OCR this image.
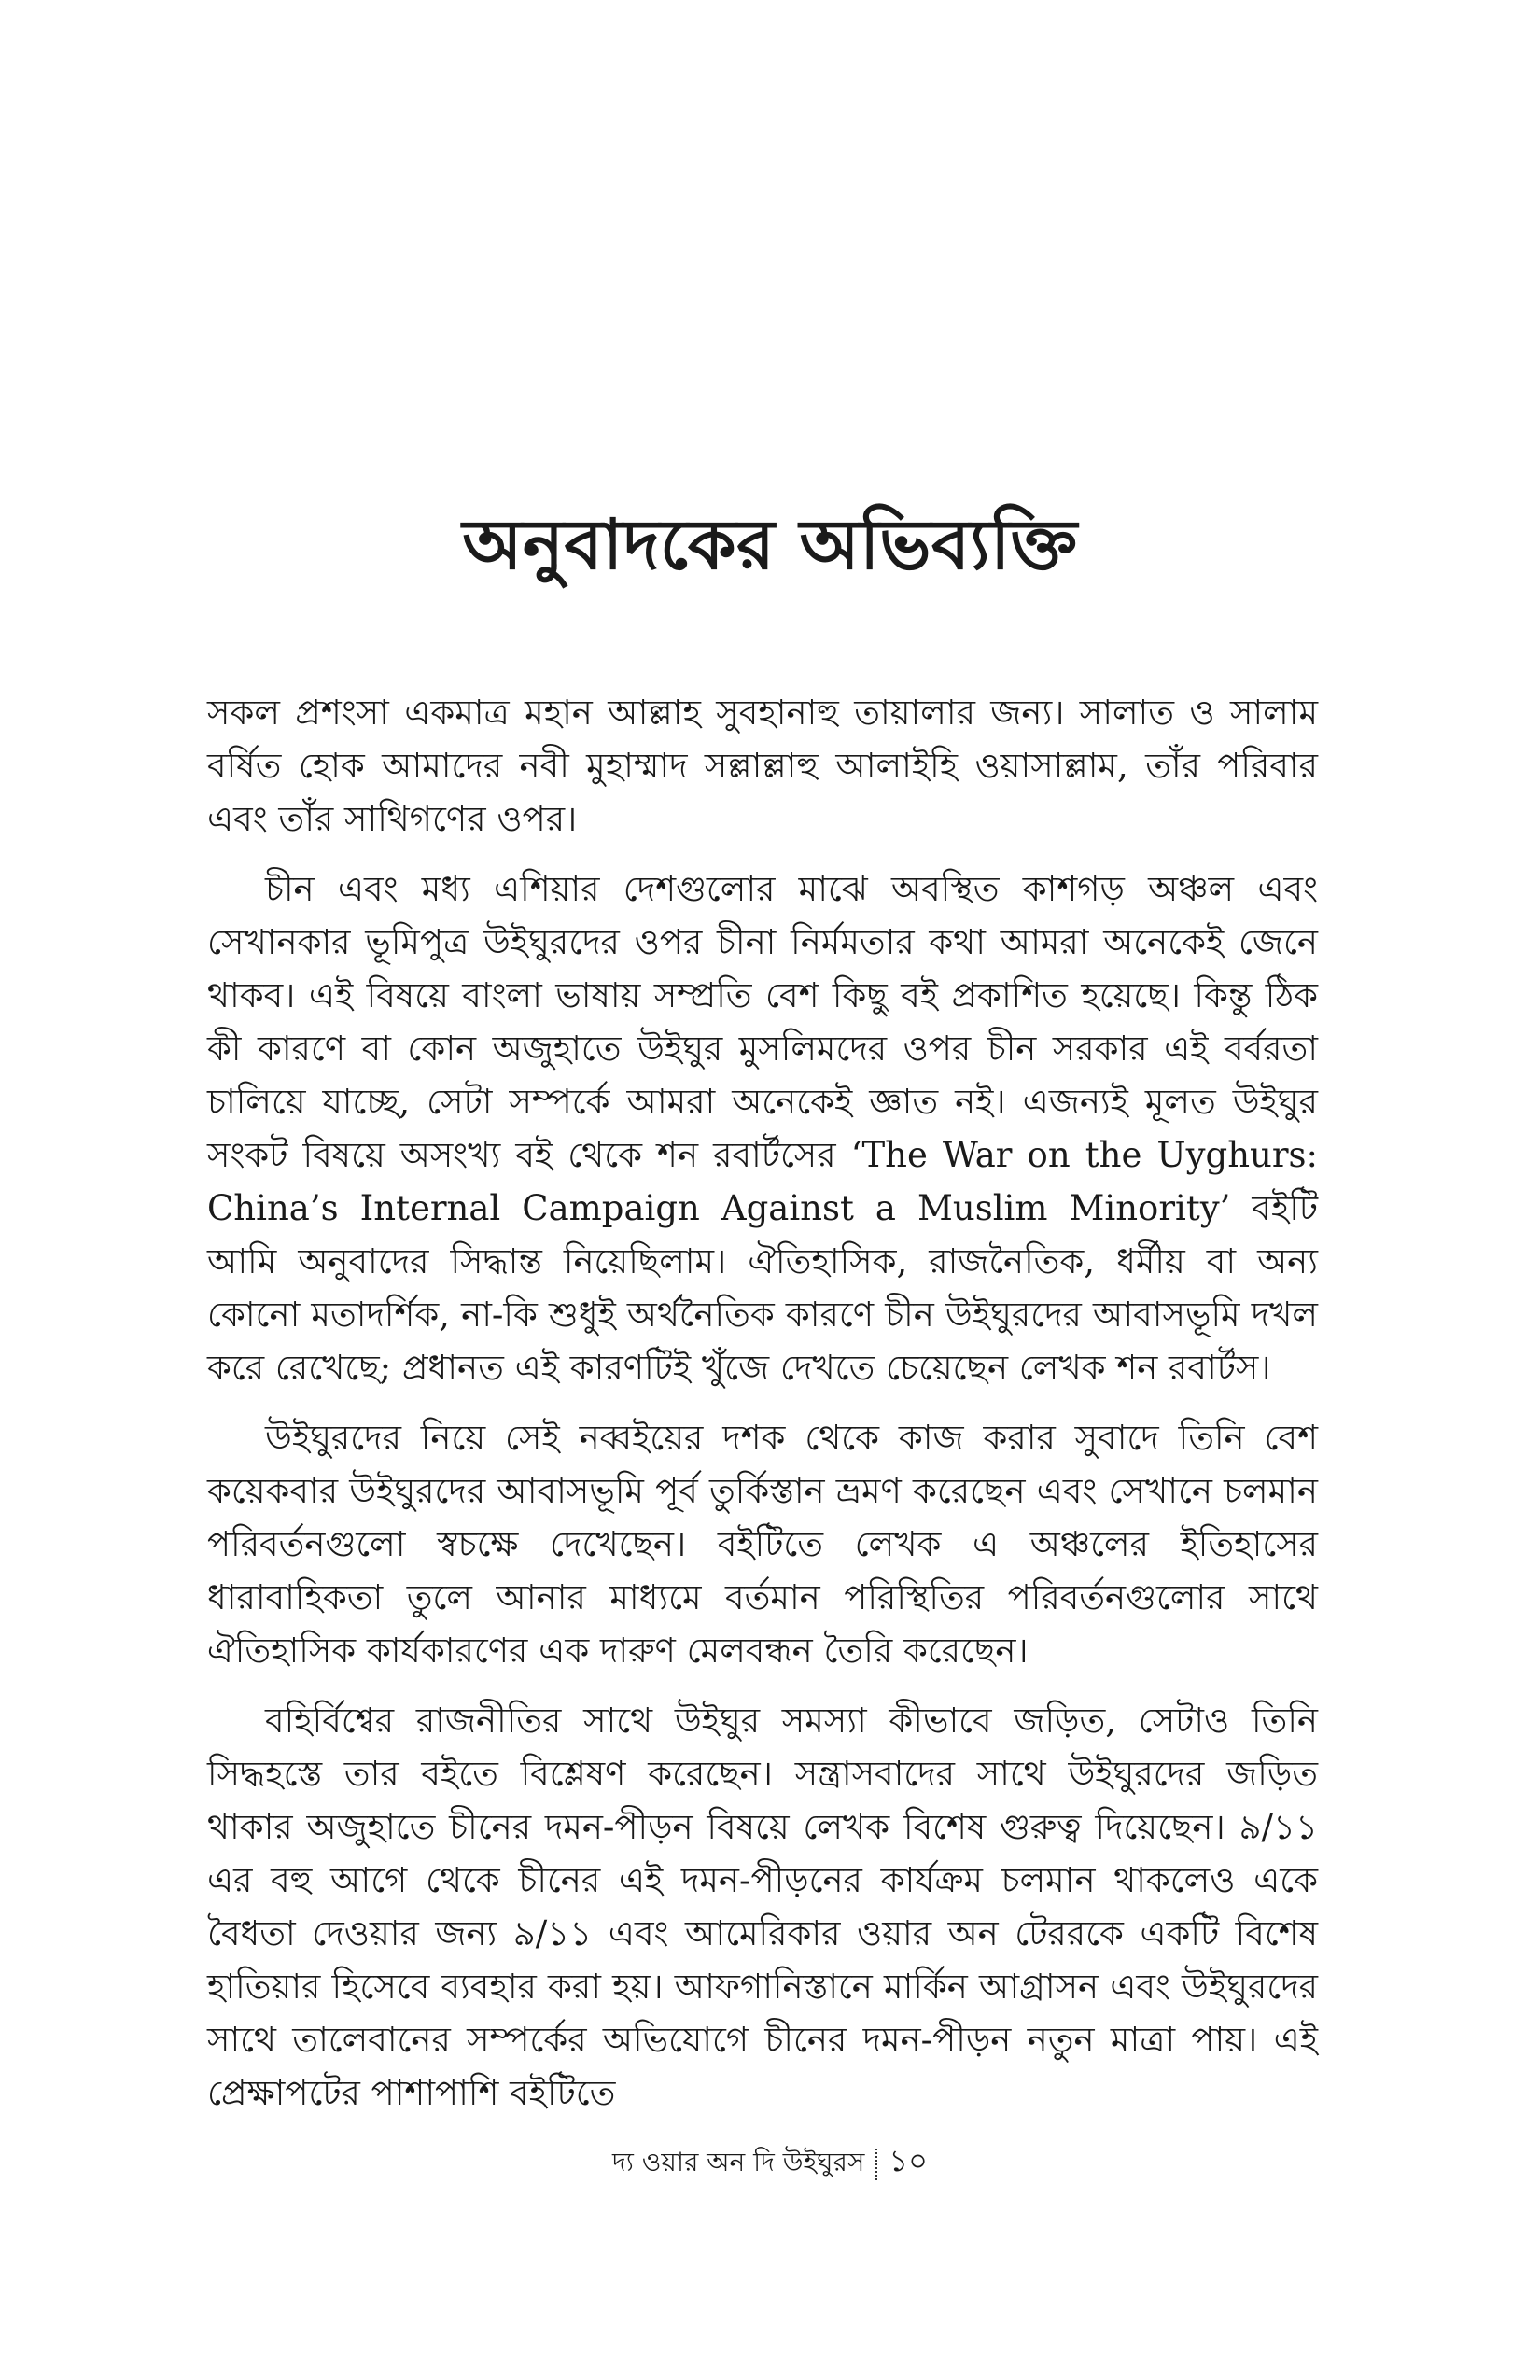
অনুবাদকের অভিব্যক্তি

সকল প্রশংসা একমাত্র মহান আল্লাহ সুবহানাহু তায়ালার জন্য। সালাত ও সালাম বর্ষিত হোক আমাদের নবী মুহাম্মাদ সল্লাল্লাহু আলাইহি ওয়াসাল্লাম, তাঁর পরিবার এবং তাঁর সাথিগণের ওপর।

চীন এবং মধ্য এশিয়ার দেশগুলোর মাঝে অবস্থিত কাশগড় অঞ্চল এবং সেখানকার ভূমিপুত্র উইঘুরদের ওপর চীনা নির্মমতার কথা আমরা অনেকেই জেনে থাকব। এই বিষয়ে বাংলা ভাষায় সম্প্রতি বেশ কিছু বই প্রকাশিত হয়েছে। কিন্তু ঠিক কী কারণে বা কোন অজুহাতে উইঘুর মুসলিমদের ওপর চীন সরকার এই বর্বরতা চালিয়ে যাচ্ছে, সেটা সম্পর্কে আমরা অনেকেই জ্ঞাত নই। এজন্যই মূলত উইঘুর সংকট বিষয়ে অসংখ্য বই থেকে শন রবার্টসের ‘The War on the Uyghurs: China’s Internal Campaign Against a Muslim Minority’ বইটি আমি অনুবাদের সিদ্ধান্ত নিয়েছিলাম। ঐতিহাসিক, রাজনৈতিক, ধর্মীয় বা অন্য কোনো মতাদর্শিক, না-কি শুধুই অর্থনৈতিক কারণে চীন উইঘুরদের আবাসভূমি দখল করে রেখেছে; প্রধানত এই কারণটিই খুঁজে দেখতে চেয়েছেন লেখক শন রবার্টস।

উইঘুরদের নিয়ে সেই নব্বইয়ের দশক থেকে কাজ করার সুবাদে তিনি বেশ কয়েকবার উইঘুরদের আবাসভূমি পূর্ব তুর্কিস্তান ভ্রমণ করেছেন এবং সেখানে চলমান পরিবর্তনগুলো স্বচক্ষে দেখেছেন। বইটিতে লেখক এ অঞ্চলের ইতিহাসের ধারাবাহিকতা তুলে আনার মাধ্যমে বর্তমান পরিস্থিতির পরিবর্তনগুলোর সাথে ঐতিহাসিক কার্যকারণের এক দারুণ মেলবন্ধন তৈরি করেছেন।

বহির্বিশ্বের রাজনীতির সাথে উইঘুর সমস্যা কীভাবে জড়িত, সেটাও তিনি সিদ্ধহস্তে তার বইতে বিশ্লেষণ করেছেন। সন্ত্রাসবাদের সাথে উইঘুরদের জড়িত থাকার অজুহাতে চীনের দমন-পীড়ন বিষয়ে লেখক বিশেষ গুরুত্ব দিয়েছেন। ৯/১১ এর বহু আগে থেকে চীনের এই দমন-পীড়নের কার্যক্রম চলমান থাকলেও একে বৈধতা দেওয়ার জন্য ৯/১১ এবং আমেরিকার ওয়ার অন টেররকে একটি বিশেষ হাতিয়ার হিসেবে ব্যবহার করা হয়। আফগানিস্তানে মার্কিন আগ্রাসন এবং উইঘুরদের সাথে তালেবানের সম্পর্কের অভিযোগে চীনের দমন-পীড়ন নতুন মাত্রা পায়। এই প্রেক্ষাপটের পাশাপাশি বইটিতে

দ্য ওয়ার অন দি উইঘুরস ১০
